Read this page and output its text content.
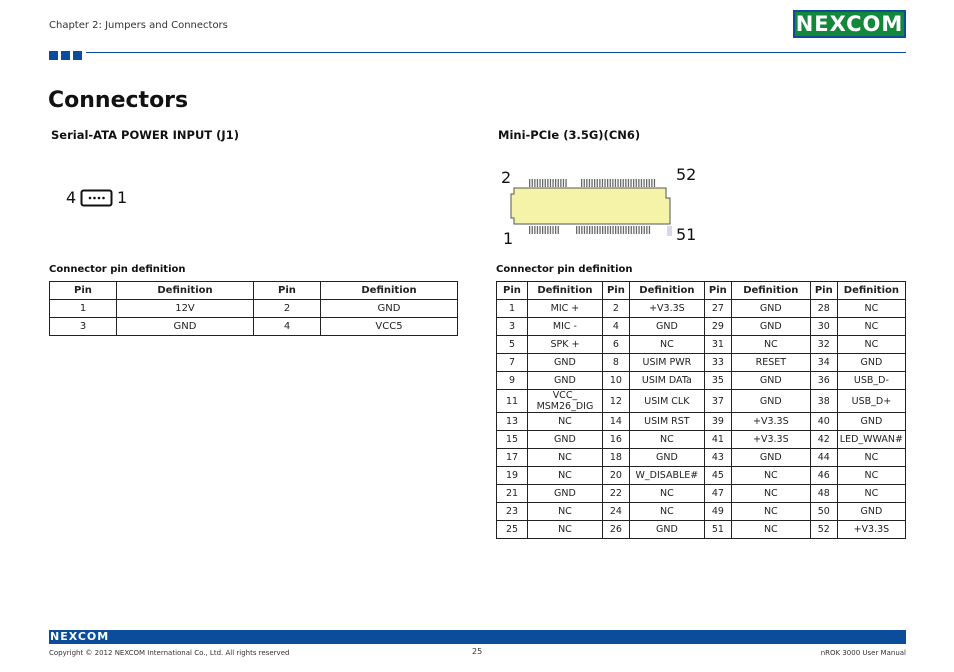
Chapter 2: Jumpers and Connectors	NEXCOM
Connectors
Serial-ATA POWER INPUT (J1)
4	1
Connector pin definition
Pin	Definition	Pin	Definition
1	12V	2	GND
3	GND	4	VCC5
Mini-PCIe (3.5G)(CN6)
2	52
1	51
Connector pin definition
Pin	Definition	Pin	Definition	Pin	Definition	Pin	Definition
1	MIC +	2	+V3.3S	27	GND	28	NC
3	MIC -	4	GND	29	GND	30	NC
5	SPK +	6	NC	31	NC	32	NC
7	GND	8	USIM PWR	33	RESET	34	GND
9	GND	10	USIM DATa	35	GND	36	USB_D-
11	VCC_ MSM26_DIG	12	USIM CLK	37	GND	38	USB_D+
13	NC	14	USIM RST	39	+V3.3S	40	GND
15	GND	16	NC	41	+V3.3S	42	LED_WWAN#
17	NC	18	GND	43	GND	44	NC
19	NC	20	W_DISABLE#	45	NC	46	NC
21	GND	22	NC	47	NC	48	NC
23	NC	24	NC	49	NC	50	GND
25	NC	26	GND	51	NC	52	+V3.3S
NEXCOM
Copyright © 2012 NEXCOM International Co., Ltd. All rights reserved	25	nROK 3000 User Manual
